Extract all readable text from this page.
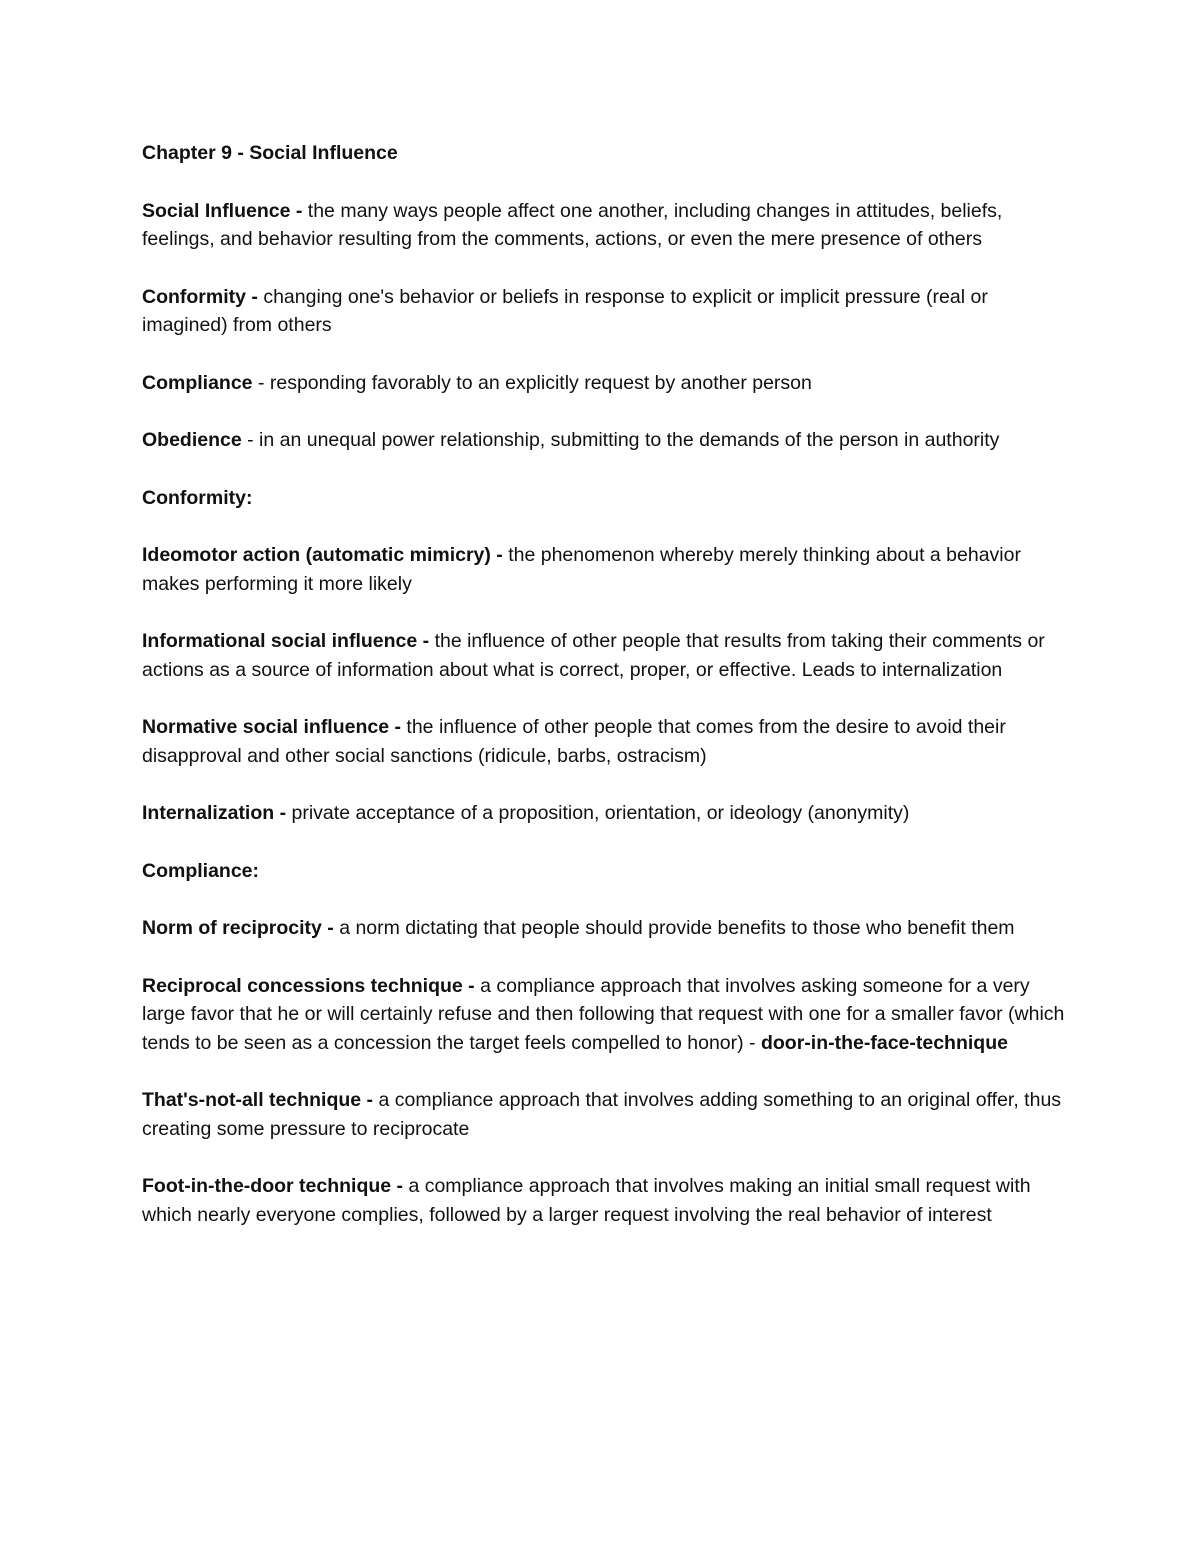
Chapter 9 - Social Influence
Social Influence - the many ways people affect one another, including changes in attitudes, beliefs, feelings, and behavior resulting from the comments, actions, or even the mere presence of others
Conformity - changing one's behavior or beliefs in response to explicit or implicit pressure (real or imagined) from others
Compliance - responding favorably to an explicitly request by another person
Obedience - in an unequal power relationship, submitting to the demands of the person in authority
Conformity:
Ideomotor action (automatic mimicry) - the phenomenon whereby merely thinking about a behavior makes performing it more likely
Informational social influence - the influence of other people that results from taking their comments or actions as a source of information about what is correct, proper, or effective. Leads to internalization
Normative social influence - the influence of other people that comes from the desire to avoid their disapproval and other social sanctions (ridicule, barbs, ostracism)
Internalization - private acceptance of a proposition, orientation, or ideology (anonymity)
Compliance:
Norm of reciprocity - a norm dictating that people should provide benefits to those who benefit them
Reciprocal concessions technique - a compliance approach that involves asking someone for a very large favor that he or will certainly refuse and then following that request with one for a smaller favor (which tends to be seen as a concession the target feels compelled to honor) - door-in-the-face-technique
That's-not-all technique - a compliance approach that involves adding something to an original offer, thus creating some pressure to reciprocate
Foot-in-the-door technique - a compliance approach that involves making an initial small request with which nearly everyone complies, followed by a larger request involving the real behavior of interest
